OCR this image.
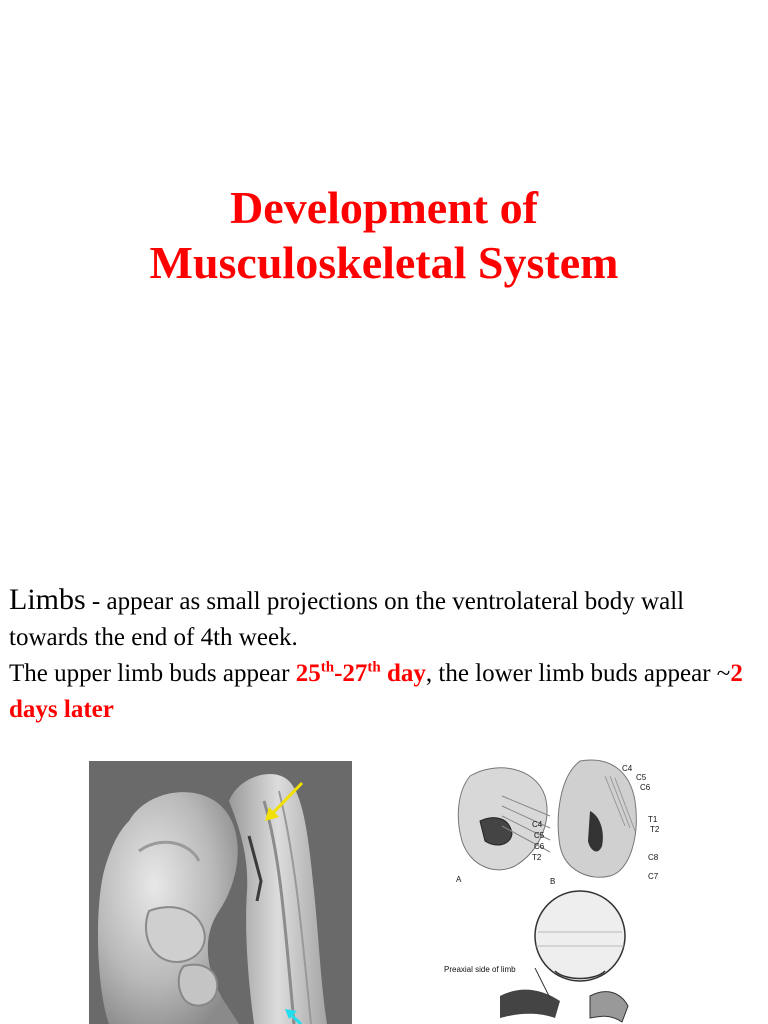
Development of
Musculoskeletal System

Limbs - appear as small projections on the ventrolateral body wall towards the end of 4th week.

The upper limb buds appear 25th-27th day, the lower limb buds appear ~2 days later

A	B
C4
C5
C6
T2
C4
C5
C6
T1
T2
C8
C7
Preaxial side of limb
